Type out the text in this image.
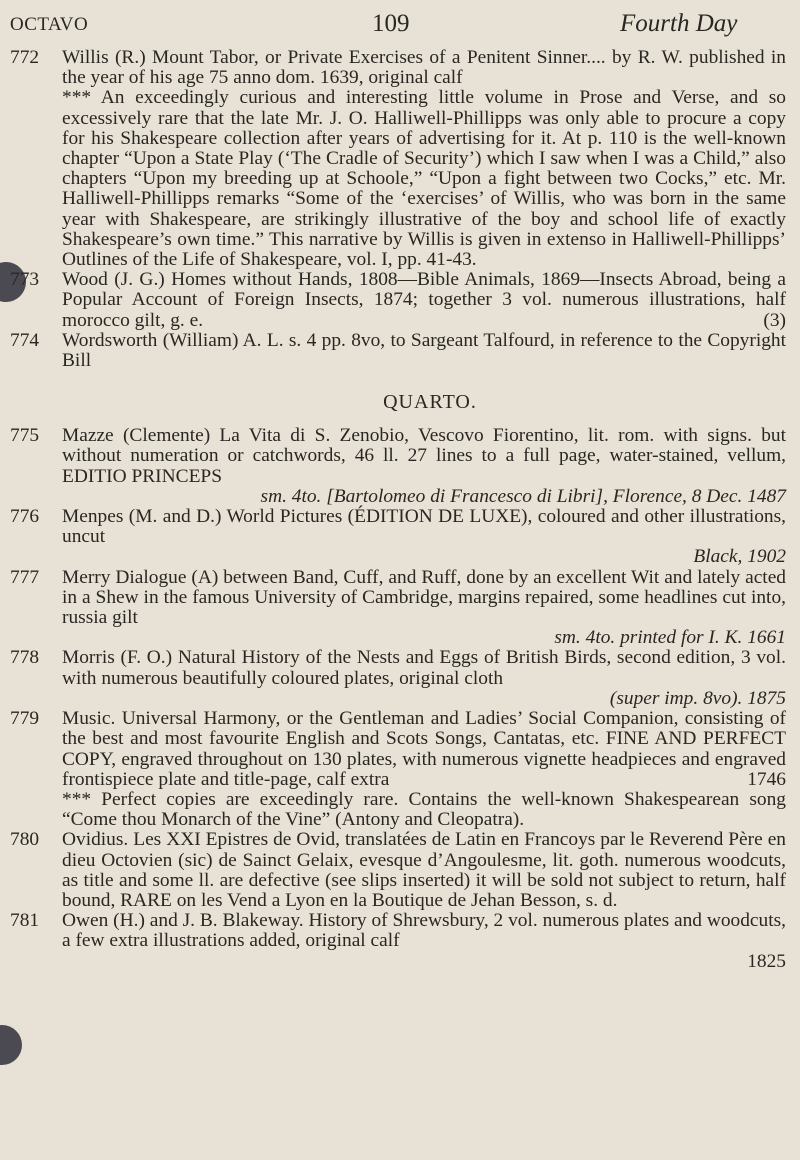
OCTAVO	109	Fourth Day
772 Willis (R.) Mount Tabor, or Private Exercises of a Penitent Sinner.... by R. W. published in the year of his age 75 anno dom. 1639, original calf
*** An exceedingly curious and interesting little volume in Prose and Verse, and so excessively rare that the late Mr. J. O. Halliwell-Phillipps was only able to procure a copy for his Shakespeare collection after years of advertising for it. At p. 110 is the well-known chapter “Upon a State Play (‘The Cradle of Security’) which I saw when I was a Child,” also chapters “Upon my breeding up at Schoole,” “Upon a fight between two Cocks,” etc. Mr. Halliwell-Phillipps remarks “Some of the ‘exercises’ of Willis, who was born in the same year with Shakespeare, are strikingly illustrative of the boy and school life of exactly Shakespeare’s own time.” This narrative by Willis is given in extenso in Halliwell-Phillipps’ Outlines of the Life of Shakespeare, vol. I, pp. 41-43.
773 Wood (J. G.) Homes without Hands, 1808—Bible Animals, 1869—Insects Abroad, being a Popular Account of Foreign Insects, 1874; together 3 vol. numerous illustrations, half morocco gilt, g. e.	(3)
774 Wordsworth (William) A. L. s. 4 pp. 8vo, to Sargeant Talfourd, in reference to the Copyright Bill
QUARTO.
775 Mazze (Clemente) La Vita di S. Zenobio, Vescovo Fiorentino, lit. rom. with signs. but without numeration or catchwords, 46 ll. 27 lines to a full page, water-stained, vellum, EDITIO PRINCEPS
sm. 4to. [Bartolomeo di Francesco di Libri], Florence, 8 Dec. 1487
776 Menpes (M. and D.) World Pictures (ÉDITION DE LUXE), coloured and other illustrations, uncut
Black, 1902
777 Merry Dialogue (A) between Band, Cuff, and Ruff, done by an excellent Wit and lately acted in a Shew in the famous University of Cambridge, margins repaired, some headlines cut into, russia gilt
sm. 4to. printed for I. K. 1661
778 Morris (F. O.) Natural History of the Nests and Eggs of British Birds, second edition, 3 vol. with numerous beautifully coloured plates, original cloth
(super imp. 8vo). 1875
779 Music. Universal Harmony, or the Gentleman and Ladies’ Social Companion, consisting of the best and most favourite English and Scots Songs, Cantatas, etc. FINE AND PERFECT COPY, engraved throughout on 130 plates, with numerous vignette headpieces and engraved frontispiece plate and title-page, calf extra	1746
*** Perfect copies are exceedingly rare. Contains the well-known Shakespearean song “Come thou Monarch of the Vine” (Antony and Cleopatra).
780 Ovidius. Les XXI Epistres de Ovid, translatées de Latin en Francoys par le Reverend Père en dieu Octovien (sic) de Sainct Gelaix, evesque d’Angoulesme, lit. goth. numerous woodcuts, as title and some ll. are defective (see slips inserted) it will be sold not subject to return, half bound, RARE on les Vend a Lyon en la Boutique de Jehan Besson, s. d.
781 Owen (H.) and J. B. Blakeway. History of Shrewsbury, 2 vol. numerous plates and woodcuts, a few extra illustrations added, original calf
1825
